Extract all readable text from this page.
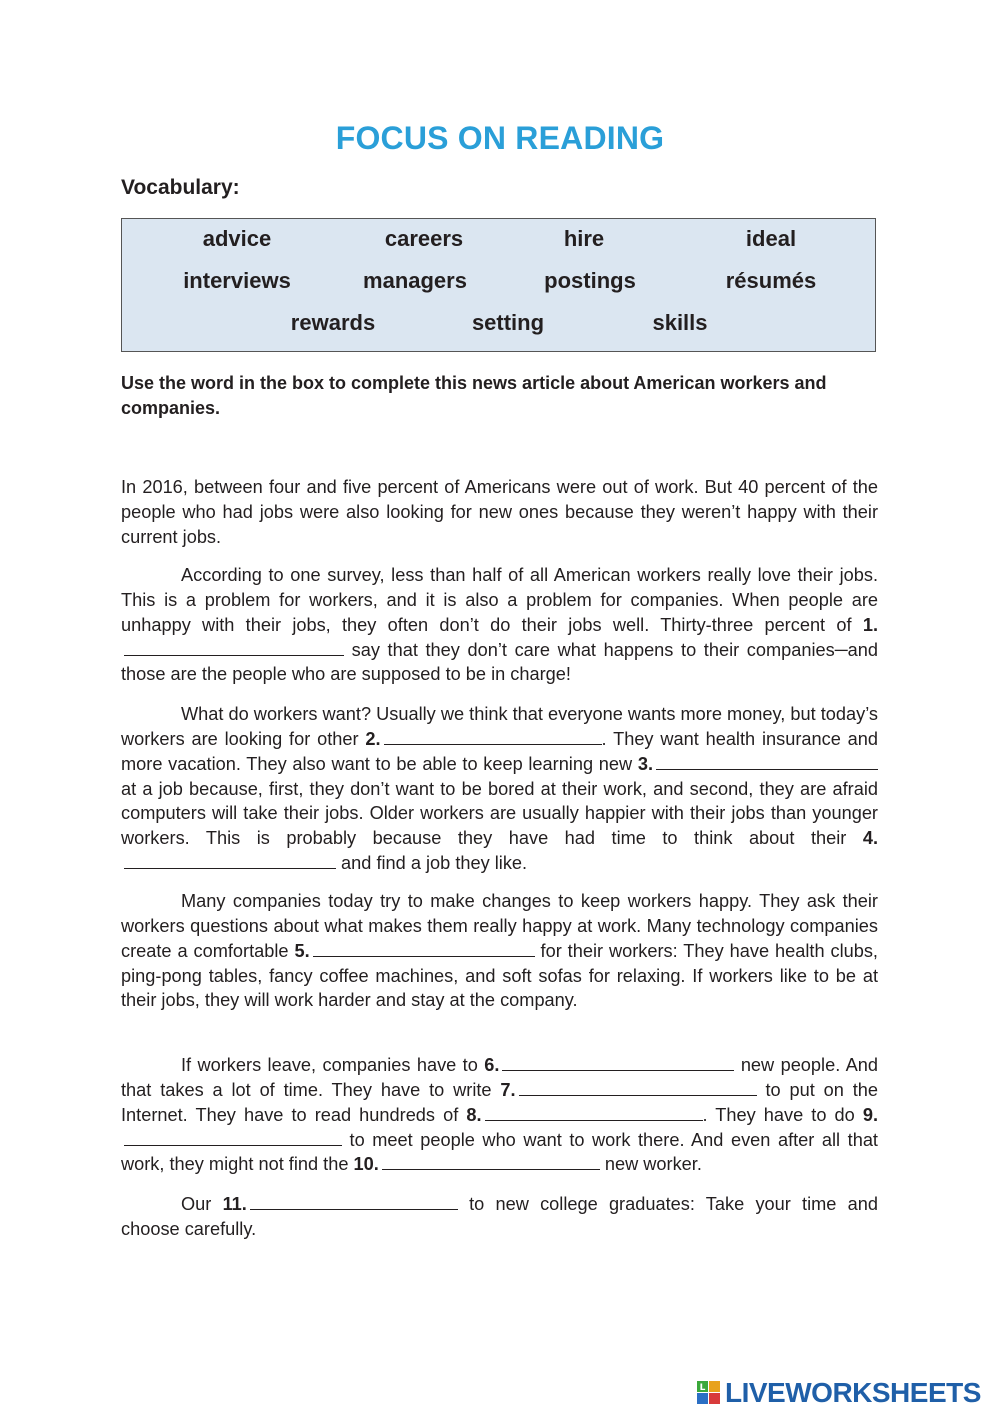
FOCUS ON READING
Vocabulary:
advice	careers	hire	ideal
interviews	managers	postings	résumés
rewards	setting	skills
Use the word in the box to complete this news article about American workers and companies.

In 2016, between four and five percent of Americans were out of work. But 40 percent of the people who had jobs were also looking for new ones because they weren’t happy with their current jobs.

According to one survey, less than half of all American workers really love their jobs. This is a problem for workers, and it is also a problem for companies. When people are unhappy with their jobs, they often don’t do their jobs well. Thirty-three percent of 1. say that they don’t care what happens to their companies─and those are the people who are supposed to be in charge!

What do workers want? Usually we think that everyone wants more money, but today’s workers are looking for other 2.	. They want health insurance and more vacation. They also want to be able to keep learning new 3. at a job because, first, they don’t want to be bored at their work, and second, they are afraid computers will take their jobs. Older workers are usually happier with their jobs than younger workers. This is probably because they have had time to think about their 4. and find a job they like.

Many companies today try to make changes to keep workers happy. They ask their workers questions about what makes them really happy at work. Many technology companies create a comfortable 5.	for their workers: They have health clubs, ping-pong tables, fancy coffee machines, and soft sofas for relaxing. If workers like to be at their jobs, they will work harder and stay at the company.

If workers leave, companies have to 6.	new people. And that takes a lot of time. They have to write 7.	to put on the Internet. They have to read hundreds of 8.	. They have to do 9. to meet people who want to work there. And even after all that work, they might not find the 10.	new worker.

Our 11.	to new college graduates: Take your time and choose carefully.

L LIVEWORKSHEETS
